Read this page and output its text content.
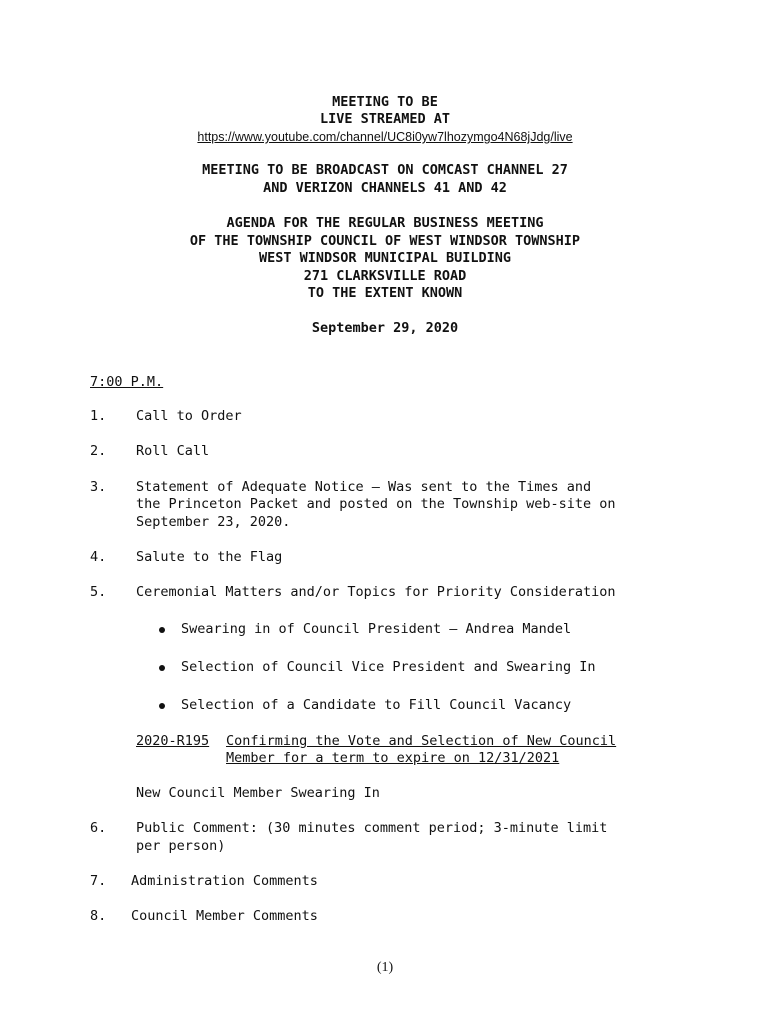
MEETING TO BE
LIVE STREAMED AT
https://www.youtube.com/channel/UC8i0yw7lhozymgo4N68jJdg/live
MEETING TO BE BROADCAST ON COMCAST CHANNEL 27
AND VERIZON CHANNELS 41 AND 42
AGENDA FOR THE REGULAR BUSINESS MEETING
OF THE TOWNSHIP COUNCIL OF WEST WINDSOR TOWNSHIP
WEST WINDSOR MUNICIPAL BUILDING
271 CLARKSVILLE ROAD
TO THE EXTENT KNOWN
September 29, 2020
7:00 P.M.
1. Call to Order
2. Roll Call
3. Statement of Adequate Notice – Was sent to the Times and
the Princeton Packet and posted on the Township web-site on
September 23, 2020.
4. Salute to the Flag
5. Ceremonial Matters and/or Topics for Priority Consideration
Swearing in of Council President – Andrea Mandel
Selection of Council Vice President and Swearing In
Selection of a Candidate to Fill Council Vacancy
2020-R195 Confirming the Vote and Selection of New Council
Member for a term to expire on 12/31/2021
New Council Member Swearing In
6. Public Comment: (30 minutes comment period; 3-minute limit
per person)
7. Administration Comments
8. Council Member Comments
(1)
